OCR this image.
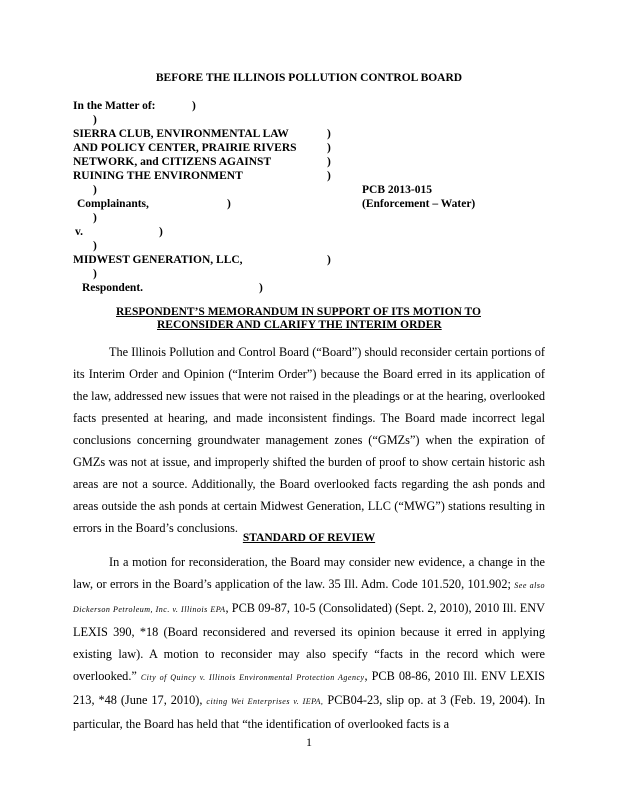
BEFORE THE ILLINOIS POLLUTION CONTROL BOARD
In the Matter of:	)
)
SIERRA CLUB, ENVIRONMENTAL LAW
AND POLICY CENTER, PRAIRIE RIVERS
NETWORK, and CITIZENS AGAINST
RUINING THE ENVIRONMENT
)
)
)
)
)	PCB 2013-015
Complainants,	)	(Enforcement – Water)
)
v.	)
)
MIDWEST GENERATION, LLC,	)
)
Respondent.	)
RESPONDENT’S MEMORANDUM IN SUPPORT OF ITS MOTION TO
RECONSIDER AND CLARIFY THE INTERIM ORDER

The Illinois Pollution and Control Board (“Board”) should reconsider certain portions of its Interim Order and Opinion (“Interim Order”) because the Board erred in its application of the law, addressed new issues that were not raised in the pleadings or at the hearing, overlooked facts presented at hearing, and made inconsistent findings. The Board made incorrect legal conclusions concerning groundwater management zones (“GMZs”) when the expiration of GMZs was not at issue, and improperly shifted the burden of proof to show certain historic ash areas are not a source. Additionally, the Board overlooked facts regarding the ash ponds and areas outside the ash ponds at certain Midwest Generation, LLC (“MWG”) stations resulting in errors in the Board’s conclusions.

STANDARD OF REVIEW

In a motion for reconsideration, the Board may consider new evidence, a change in the law, or errors in the Board’s application of the law. 35 Ill. Adm. Code 101.520, 101.902; See also Dickerson Petroleum, Inc. v. Illinois EPA, PCB 09-87, 10-5 (Consolidated) (Sept. 2, 2010), 2010 Ill. ENV LEXIS 390, *18 (Board reconsidered and reversed its opinion because it erred in applying existing law). A motion to reconsider may also specify “facts in the record which were overlooked.” City of Quincy v. Illinois Environmental Protection Agency, PCB 08-86, 2010 Ill. ENV LEXIS 213, *48 (June 17, 2010), citing Wei Enterprises v. IEPA, PCB04-23, slip op. at 3 (Feb. 19, 2004). In particular, the Board has held that “the identification of overlooked facts is a

1
